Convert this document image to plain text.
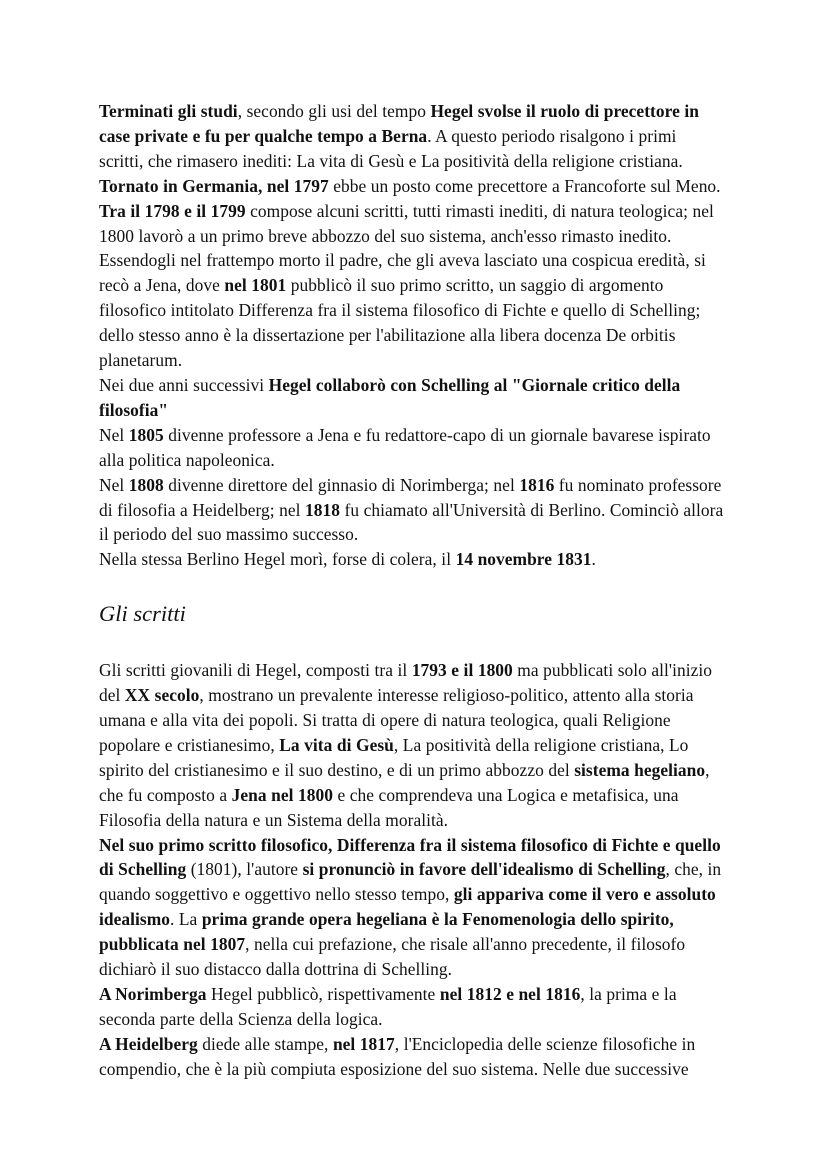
Terminati gli studi, secondo gli usi del tempo Hegel svolse il ruolo di precettore in case private e fu per qualche tempo a Berna. A questo periodo risalgono i primi scritti, che rimasero inediti: La vita di Gesù e La positività della religione cristiana.

Tornato in Germania, nel 1797 ebbe un posto come precettore a Francoforte sul Meno.

Tra il 1798 e il 1799 compose alcuni scritti, tutti rimasti inediti, di natura teologica; nel 1800 lavorò a un primo breve abbozzo del suo sistema, anch'esso rimasto inedito. Essendogli nel frattempo morto il padre, che gli aveva lasciato una cospicua eredità, si recò a Jena, dove nel 1801 pubblicò il suo primo scritto, un saggio di argomento filosofico intitolato Differenza fra il sistema filosofico di Fichte e quello di Schelling; dello stesso anno è la dissertazione per l'abilitazione alla libera docenza De orbitis planetarum.

Nei due anni successivi Hegel collaborò con Schelling al "Giornale critico della filosofia"

Nel 1805 divenne professore a Jena e fu redattore-capo di un giornale bavarese ispirato alla politica napoleonica.

Nel 1808 divenne direttore del ginnasio di Norimberga; nel 1816 fu nominato professore di filosofia a Heidelberg; nel 1818 fu chiamato all'Università di Berlino. Cominciò allora il periodo del suo massimo successo.

Nella stessa Berlino Hegel morì, forse di colera, il 14 novembre 1831.

Gli scritti

Gli scritti giovanili di Hegel, composti tra il 1793 e il 1800 ma pubblicati solo all'inizio del XX secolo, mostrano un prevalente interesse religioso-politico, attento alla storia umana e alla vita dei popoli. Si tratta di opere di natura teologica, quali Religione popolare e cristianesimo, La vita di Gesù, La positività della religione cristiana, Lo spirito del cristianesimo e il suo destino, e di un primo abbozzo del sistema hegeliano, che fu composto a Jena nel 1800 e che comprendeva una Logica e metafisica, una Filosofia della natura e un Sistema della moralità.

Nel suo primo scritto filosofico, Differenza fra il sistema filosofico di Fichte e quello di Schelling (1801), l'autore si pronunciò in favore dell'idealismo di Schelling, che, in quando soggettivo e oggettivo nello stesso tempo, gli appariva come il vero e assoluto idealismo. La prima grande opera hegeliana è la Fenomenologia dello spirito, pubblicata nel 1807, nella cui prefazione, che risale all'anno precedente, il filosofo dichiarò il suo distacco dalla dottrina di Schelling.

A Norimberga Hegel pubblicò, rispettivamente nel 1812 e nel 1816, la prima e la seconda parte della Scienza della logica.

A Heidelberg diede alle stampe, nel 1817, l'Enciclopedia delle scienze filosofiche in compendio, che è la più compiuta esposizione del suo sistema. Nelle due successive
